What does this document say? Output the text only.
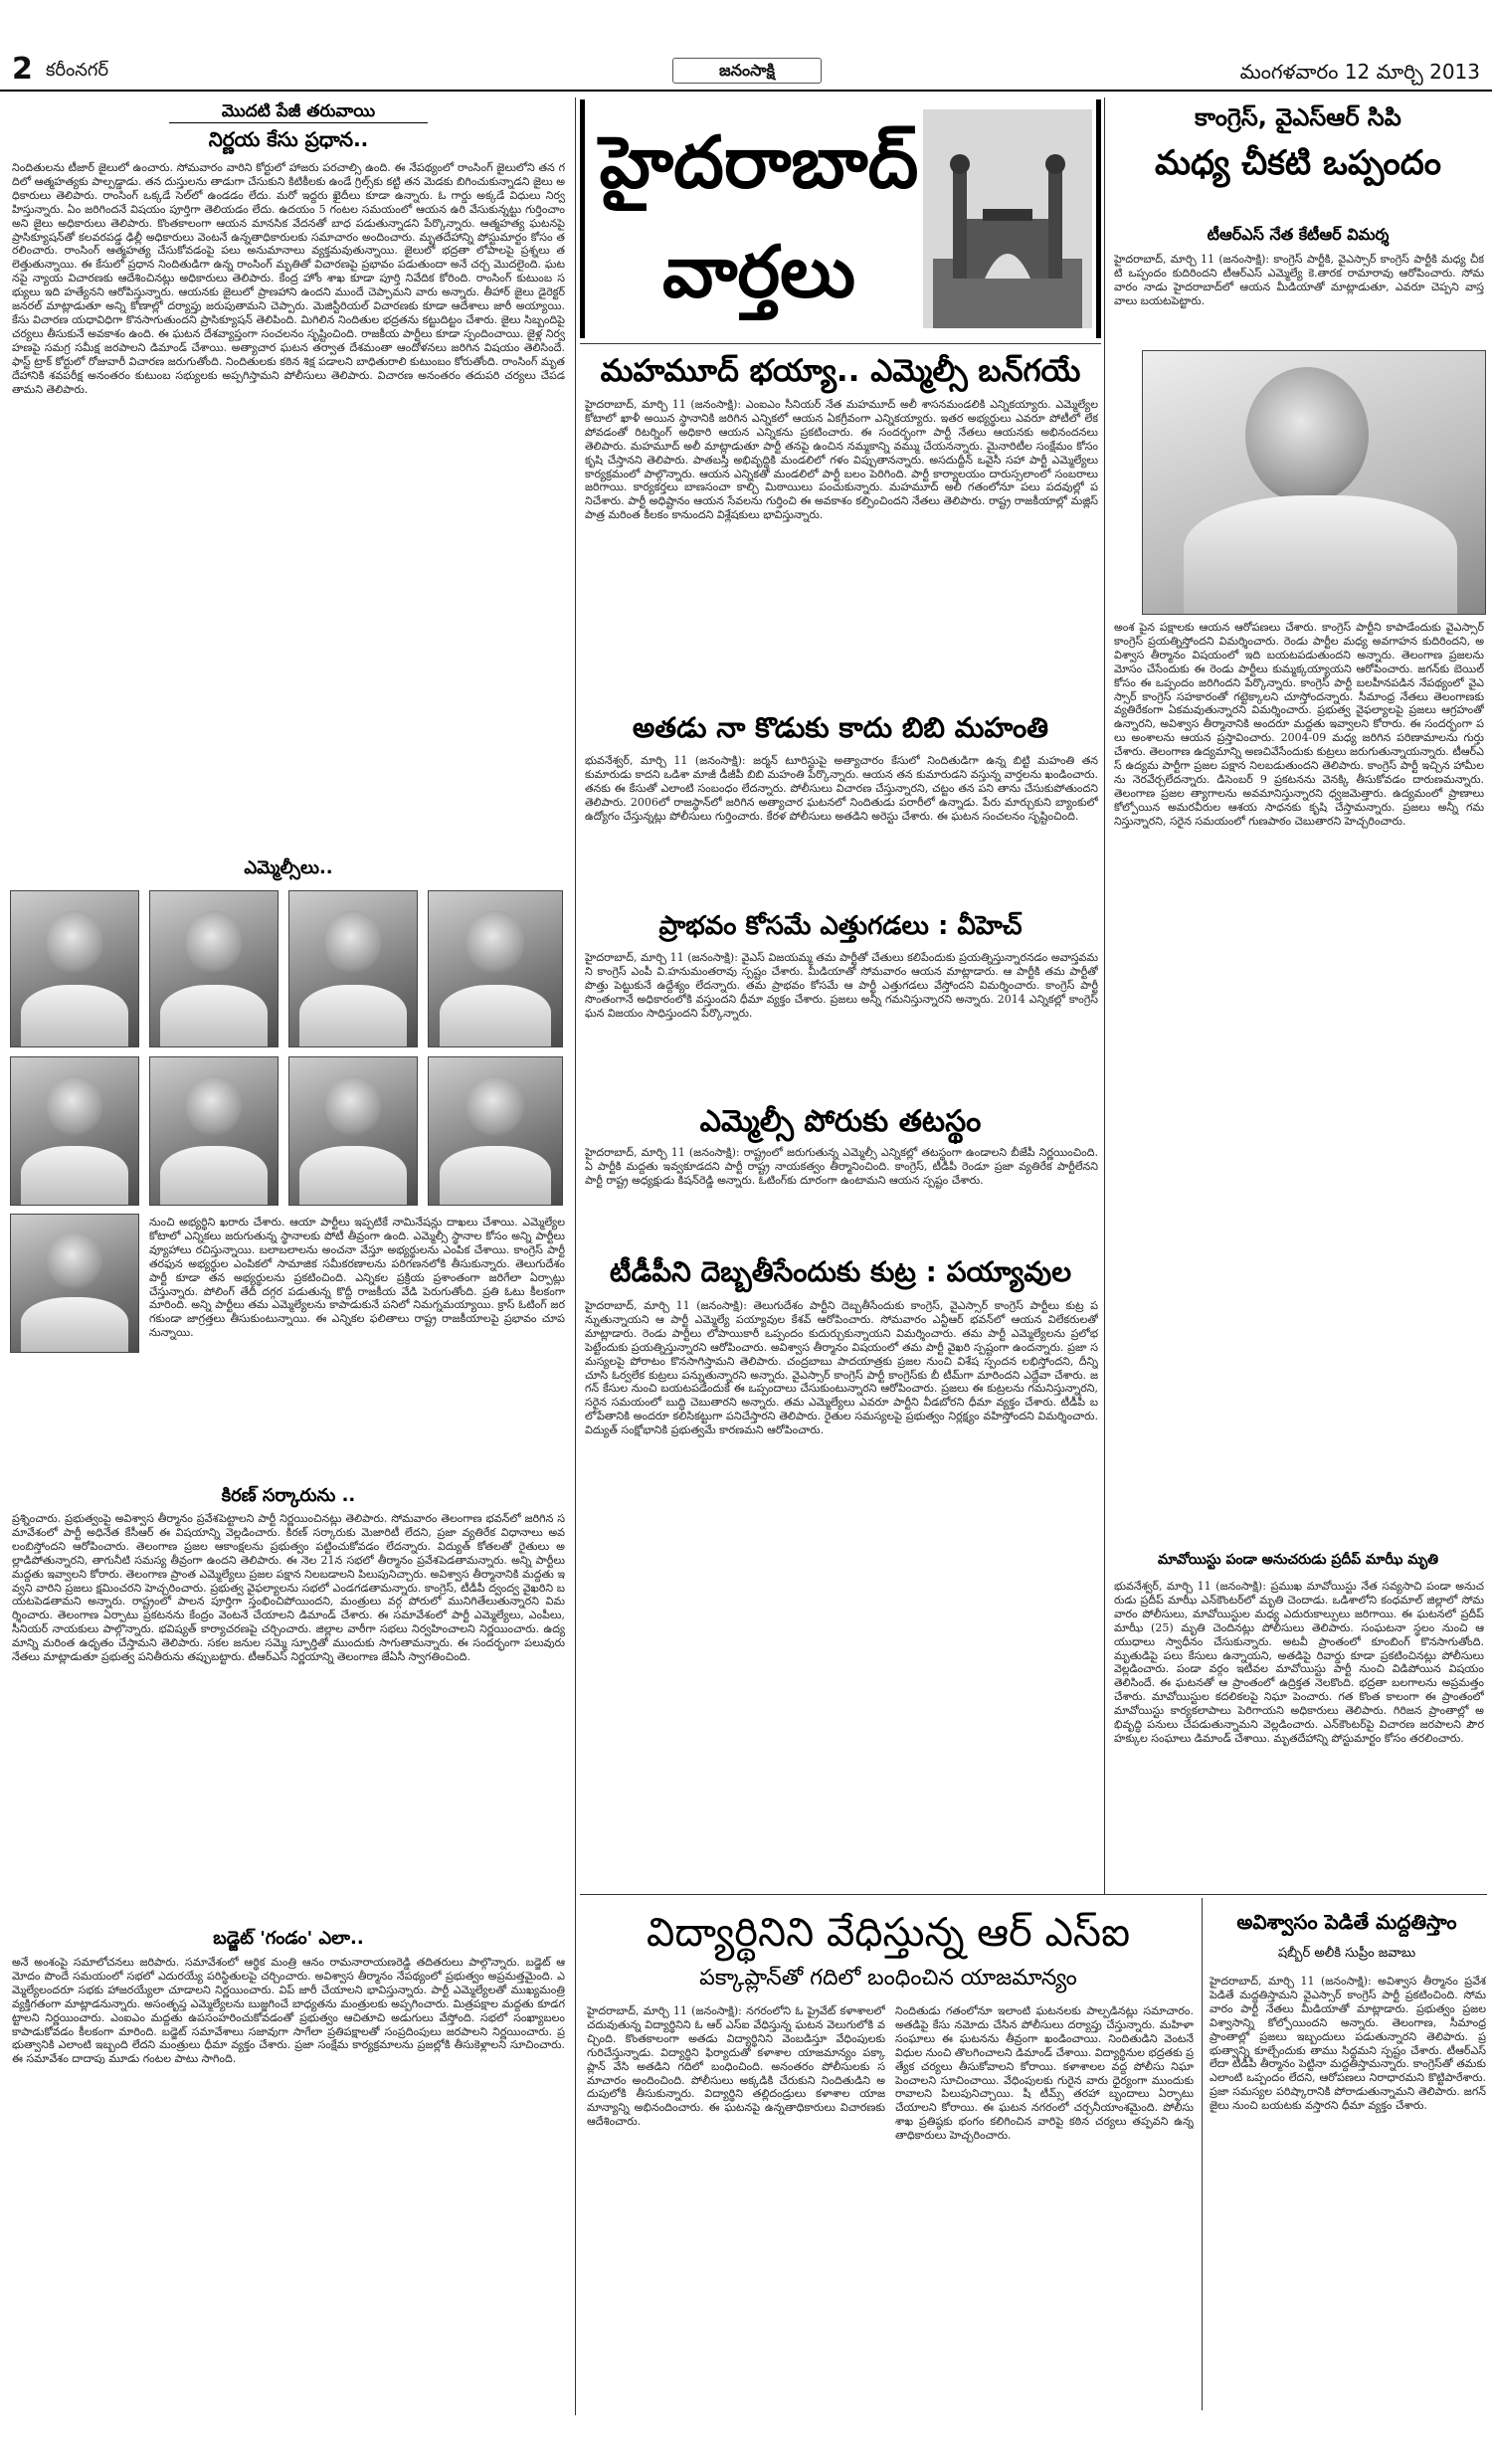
2 కరీంనగర్	జనంసాక్షి	మంగళవారం 12 మార్చి 2013
మొదటి పేజీ తరువాయి
నిర్ణయ కేసు ప్రధాన..
నిందితులను టీజార్ జైలులో ఉంచారు. సోమవారం వారిని కోర్టులో హాజరు పరచాల్సి ఉంది. ఈ నేపథ్యంలో రాంసింగ్ జైలులోని తన గదిలో ఆత్మహత్యకు పాల్పడ్డాడు. తన దుస్తులను తాడుగా చేసుకుని కిటికీలకు ఉండే గ్రిల్స్‌కు కట్టి తన మెడకు బిగించుకున్నాడని జైలు అధికారులు తెలిపారు. రాంసింగ్ ఒక్కడే సెల్‌లో ఉండడం లేదు. మరో ఇద్దరు ఖైదీలు కూడా ఉన్నారు. ఓ గార్డు అక్కడే విధులు నిర్వహిస్తున్నారు. ఏం జరిగిందనే విషయం పూర్తిగా తెలియడం లేదు. ఉదయం 5 గంటల సమయంలో ఆయన ఉరి వేసుకున్నట్టు గుర్తించాం అని జైలు అధికారులు తెలిపారు. కొంతకాలంగా ఆయన మానసిక వేదనతో బాధ పడుతున్నాడని పేర్కొన్నారు. ఆత్మహత్య ఘటనపై ప్రాసిక్యూషన్‌తో కలవరపడ్డ ఢిల్లీ అధికారులు వెంటనే ఉన్నతాధికారులకు సమాచారం అందించారు. మృతదేహాన్ని పోస్టుమార్టం కోసం తరలించారు. రాంసింగ్ ఆత్మహత్య చేసుకోవడంపై పలు అనుమానాలు వ్యక్తమవుతున్నాయి. జైలులో భద్రతా లోపాలపై ప్రశ్నలు తలెత్తుతున్నాయి. ఈ కేసులో ప్రధాన నిందితుడిగా ఉన్న రాంసింగ్ మృతితో విచారణపై ప్రభావం పడుతుందా అనే చర్చ మొదలైంది. ఘటనపై న్యాయ విచారణకు ఆదేశించినట్లు అధికారులు తెలిపారు. కేంద్ర హోం శాఖ కూడా పూర్తి నివేదిక కోరింది. రాంసింగ్ కుటుంబ సభ్యులు ఇది హత్యేనని ఆరోపిస్తున్నారు. ఆయనకు జైలులో ప్రాణహాని ఉందని ముందే చెప్పామని వారు అన్నారు. తీహార్ జైలు డైరెక్టర్ జనరల్ మాట్లాడుతూ అన్ని కోణాల్లో దర్యాప్తు జరుపుతామని చెప్పారు. మెజిస్టీరియల్ విచారణకు కూడా ఆదేశాలు జారీ అయ్యాయి. కేసు విచారణ యధావిధిగా కొనసాగుతుందని ప్రాసిక్యూషన్ తెలిపింది. మిగిలిన నిందితుల భద్రతను కట్టుదిట్టం చేశారు. జైలు సిబ్బందిపై చర్యలు తీసుకునే అవకాశం ఉంది. ఈ ఘటన దేశవ్యాప్తంగా సంచలనం సృష్టించింది. రాజకీయ పార్టీలు కూడా స్పందించాయి. జైళ్ల నిర్వహణపై సమగ్ర సమీక్ష జరపాలని డిమాండ్ చేశాయి. అత్యాచార ఘటన తర్వాత దేశమంతా ఆందోళనలు జరిగిన విషయం తెలిసిందే. ఫాస్ట్ ట్రాక్ కోర్టులో రోజువారీ విచారణ జరుగుతోంది. నిందితులకు కఠిన శిక్ష పడాలని బాధితురాలి కుటుంబం కోరుతోంది. రాంసింగ్ మృతదేహానికి శవపరీక్ష అనంతరం కుటుంబ సభ్యులకు అప్పగిస్తామని పోలీసులు తెలిపారు. విచారణ అనంతరం తదుపరి చర్యలు చేపడతామని తెలిపారు.
ఎమ్మెల్సీలు..
నుంచి అభ్యర్థిని ఖరారు చేశారు. ఆయా పార్టీలు ఇప్పటికే నామినేషన్లు దాఖలు చేశాయి. ఎమ్మెల్యేల కోటాలో ఎన్నికలు జరుగుతున్న స్థానాలకు పోటీ తీవ్రంగా ఉంది. ఎమ్మెల్సీ స్థానాల కోసం అన్ని పార్టీలు వ్యూహాలు రచిస్తున్నాయి. బలాబలాలను అంచనా వేస్తూ అభ్యర్థులను ఎంపిక చేశాయి. కాంగ్రెస్ పార్టీ తరఫున అభ్యర్థుల ఎంపికలో సామాజిక సమీకరణాలను పరిగణనలోకి తీసుకున్నారు. తెలుగుదేశం పార్టీ కూడా తన అభ్యర్థులను ప్రకటించింది. ఎన్నికల ప్రక్రియ ప్రశాంతంగా జరిగేలా ఏర్పాట్లు చేస్తున్నారు. పోలింగ్ తేదీ దగ్గర పడుతున్న కొద్దీ రాజకీయ వేడి పెరుగుతోంది. ప్రతి ఓటు కీలకంగా మారింది. అన్ని పార్టీలు తమ ఎమ్మెల్యేలను కాపాడుకునే పనిలో నిమగ్నమయ్యాయి. క్రాస్ ఓటింగ్ జరగకుండా జాగ్రత్తలు తీసుకుంటున్నాయి. ఈ ఎన్నికల ఫలితాలు రాష్ట్ర రాజకీయాలపై ప్రభావం చూపనున్నాయి.
కిరణ్ సర్కారును ..
ప్రశ్నించారు. ప్రభుత్వంపై అవిశ్వాస తీర్మానం ప్రవేశపెట్టాలని పార్టీ నిర్ణయించినట్లు తెలిపారు. సోమవారం తెలంగాణ భవన్‌లో జరిగిన సమావేశంలో పార్టీ అధినేత కేసీఆర్ ఈ విషయాన్ని వెల్లడించారు. కిరణ్ సర్కారుకు మెజారిటీ లేదని, ప్రజా వ్యతిరేక విధానాలు అవలంబిస్తోందని ఆరోపించారు. తెలంగాణ ప్రజల ఆకాంక్షలను ప్రభుత్వం పట్టించుకోవడం లేదన్నారు. విద్యుత్ కోతలతో రైతులు అల్లాడిపోతున్నారని, తాగునీటి సమస్య తీవ్రంగా ఉందని తెలిపారు. ఈ నెల 21న సభలో తీర్మానం ప్రవేశపెడతామన్నారు. అన్ని పార్టీలు మద్దతు ఇవ్వాలని కోరారు. తెలంగాణ ప్రాంత ఎమ్మెల్యేలు ప్రజల పక్షాన నిలబడాలని పిలుపునిచ్చారు. అవిశ్వాస తీర్మానానికి మద్దతు ఇవ్వని వారిని ప్రజలు క్షమించరని హెచ్చరించారు. ప్రభుత్వ వైఫల్యాలను సభలో ఎండగడతామన్నారు. కాంగ్రెస్, టీడీపీ ద్వంద్వ వైఖరిని బయటపెడతామని అన్నారు. రాష్ట్రంలో పాలన పూర్తిగా స్తంభించిపోయిందని, మంత్రులు వర్గ పోరులో మునిగితేలుతున్నారని విమర్శించారు. తెలంగాణ ఏర్పాటు ప్రకటనను కేంద్రం వెంటనే చేయాలని డిమాండ్ చేశారు. ఈ సమావేశంలో పార్టీ ఎమ్మెల్యేలు, ఎంపీలు, సీనియర్ నాయకులు పాల్గొన్నారు. భవిష్యత్ కార్యాచరణపై చర్చించారు. జిల్లాల వారీగా సభలు నిర్వహించాలని నిర్ణయించారు. ఉద్యమాన్ని మరింత ఉధృతం చేస్తామని తెలిపారు. సకల జనుల సమ్మె స్ఫూర్తితో ముందుకు సాగుతామన్నారు. ఈ సందర్భంగా పలువురు నేతలు మాట్లాడుతూ ప్రభుత్వ పనితీరును తప్పుబట్టారు. టీఆర్ఎస్ నిర్ణయాన్ని తెలంగాణ జేఏసీ స్వాగతించింది.
బడ్జెట్ 'గండం' ఎలా..
అనే అంశంపై సమాలోచనలు జరిపారు. సమావేశంలో ఆర్థిక మంత్రి ఆనం రామనారాయణరెడ్డి తదితరులు పాల్గొన్నారు. బడ్జెట్ ఆమోదం పొందే సమయంలో సభలో ఎదురయ్యే పరిస్థితులపై చర్చించారు. అవిశ్వాస తీర్మానం నేపథ్యంలో ప్రభుత్వం అప్రమత్తమైంది. ఎమ్మెల్యేలందరూ సభకు హాజరయ్యేలా చూడాలని నిర్ణయించారు. విప్ జారీ చేయాలని భావిస్తున్నారు. పార్టీ ఎమ్మెల్యేలతో ముఖ్యమంత్రి వ్యక్తిగతంగా మాట్లాడనున్నారు. అసంతృప్త ఎమ్మెల్యేలను బుజ్జగించే బాధ్యతను మంత్రులకు అప్పగించారు. మిత్రపక్షాల మద్దతు కూడగట్టాలని నిర్ణయించారు. ఎంఐఎం మద్దతు ఉపసంహరించుకోవడంతో ప్రభుత్వం ఆచితూచి అడుగులు వేస్తోంది. సభలో సంఖ్యాబలం కాపాడుకోవడం కీలకంగా మారింది. బడ్జెట్ సమావేశాలు సజావుగా సాగేలా ప్రతిపక్షాలతో సంప్రదింపులు జరపాలని నిర్ణయించారు. ప్రభుత్వానికి ఎలాంటి ఇబ్బంది లేదని మంత్రులు ధీమా వ్యక్తం చేశారు. ప్రజా సంక్షేమ కార్యక్రమాలను ప్రజల్లోకి తీసుకెళ్లాలని సూచించారు. ఈ సమావేశం దాదాపు మూడు గంటల పాటు సాగింది.
హైదరాబాద్
వార్తలు
మహమూద్ భయ్యా.. ఎమ్మెల్సీ బన్‌గయే
హైదరాబాద్, మార్చి 11 (జనంసాక్షి): ఎంఐఎం సీనియర్ నేత మహమూద్ అలీ శాసనమండలికి ఎన్నికయ్యారు. ఎమ్మెల్యేల కోటాలో ఖాళీ అయిన స్థానానికి జరిగిన ఎన్నికలో ఆయన ఏకగ్రీవంగా ఎన్నికయ్యారు. ఇతర అభ్యర్థులు ఎవరూ పోటీలో లేకపోవడంతో రిటర్నింగ్ అధికారి ఆయన ఎన్నికను ప్రకటించారు. ఈ సందర్భంగా పార్టీ నేతలు ఆయనకు అభినందనలు తెలిపారు. మహమూద్ అలీ మాట్లాడుతూ పార్టీ తనపై ఉంచిన నమ్మకాన్ని వమ్ము చేయనన్నారు. మైనారిటీల సంక్షేమం కోసం కృషి చేస్తానని తెలిపారు. పాతబస్తీ అభివృద్ధికి మండలిలో గళం విప్పుతానన్నారు. అసదుద్దీన్ ఒవైసీ సహా పార్టీ ఎమ్మెల్యేలు కార్యక్రమంలో పాల్గొన్నారు. ఆయన ఎన్నికతో మండలిలో పార్టీ బలం పెరిగింది. పార్టీ కార్యాలయం దారుస్సలాంలో సంబరాలు జరిగాయి. కార్యకర్తలు బాణసంచా కాల్చి మిఠాయిలు పంచుకున్నారు. మహమూద్ అలీ గతంలోనూ పలు పదవుల్లో పనిచేశారు. పార్టీ అధిష్టానం ఆయన సేవలను గుర్తించి ఈ అవకాశం కల్పించిందని నేతలు తెలిపారు. రాష్ట్ర రాజకీయాల్లో మజ్లిస్ పాత్ర మరింత కీలకం కానుందని విశ్లేషకులు భావిస్తున్నారు.
అతడు నా కొడుకు కాదు బిబి మహంతి
భువనేశ్వర్, మార్చి 11 (జనంసాక్షి): జర్మన్ టూరిస్టుపై అత్యాచారం కేసులో నిందితుడిగా ఉన్న బిట్టి మహంతి తన కుమారుడు కాదని ఒడిశా మాజీ డీజీపీ బిబి మహంతి పేర్కొన్నారు. ఆయన తన కుమారుడని వస్తున్న వార్తలను ఖండించారు. తనకు ఈ కేసుతో ఎలాంటి సంబంధం లేదన్నారు. పోలీసులు విచారణ చేస్తున్నారని, చట్టం తన పని తాను చేసుకుపోతుందని తెలిపారు. 2006లో రాజస్థాన్‌లో జరిగిన అత్యాచార ఘటనలో నిందితుడు పరారీలో ఉన్నాడు. పేరు మార్చుకుని బ్యాంకులో ఉద్యోగం చేస్తున్నట్లు పోలీసులు గుర్తించారు. కేరళ పోలీసులు అతడిని అరెస్టు చేశారు. ఈ ఘటన సంచలనం సృష్టించింది.
ప్రాభవం కోసమే ఎత్తుగడలు : వీహెచ్
హైదరాబాద్, మార్చి 11 (జనంసాక్షి): వైఎస్ విజయమ్మ తమ పార్టీతో చేతులు కలిపేందుకు ప్రయత్నిస్తున్నారనడం అవాస్తవమని కాంగ్రెస్ ఎంపీ వి.హనుమంతరావు స్పష్టం చేశారు. మీడియాతో సోమవారం ఆయన మాట్లాడారు. ఆ పార్టీకి తమ పార్టీతో పొత్తు పెట్టుకునే ఉద్దేశ్యం లేదన్నారు. తమ ప్రాభవం కోసమే ఆ పార్టీ ఎత్తుగడలు వేస్తోందని విమర్శించారు. కాంగ్రెస్ పార్టీ సొంతంగానే అధికారంలోకి వస్తుందని ధీమా వ్యక్తం చేశారు. ప్రజలు అన్నీ గమనిస్తున్నారని అన్నారు. 2014 ఎన్నికల్లో కాంగ్రెస్ ఘన విజయం సాధిస్తుందని పేర్కొన్నారు.
ఎమ్మెల్సీ పోరుకు తటస్థం
హైదరాబాద్, మార్చి 11 (జనంసాక్షి): రాష్ట్రంలో జరుగుతున్న ఎమ్మెల్సీ ఎన్నికల్లో తటస్థంగా ఉండాలని బీజేపీ నిర్ణయించింది. ఏ పార్టీకి మద్దతు ఇవ్వకూడదని పార్టీ రాష్ట్ర నాయకత్వం తీర్మానించింది. కాంగ్రెస్, టీడీపీ రెండూ ప్రజా వ్యతిరేక పార్టీలేనని పార్టీ రాష్ట్ర అధ్యక్షుడు కిషన్‌రెడ్డి అన్నారు. ఓటింగ్‌కు దూరంగా ఉంటామని ఆయన స్పష్టం చేశారు.
టీడీపీని దెబ్బతీసేందుకు కుట్ర : పయ్యావుల
హైదరాబాద్, మార్చి 11 (జనంసాక్షి): తెలుగుదేశం పార్టీని దెబ్బతీసేందుకు కాంగ్రెస్, వైఎస్సార్ కాంగ్రెస్ పార్టీలు కుట్ర పన్నుతున్నాయని ఆ పార్టీ ఎమ్మెల్యే పయ్యావుల కేశవ్ ఆరోపించారు. సోమవారం ఎన్టీఆర్ భవన్‌లో ఆయన విలేకరులతో మాట్లాడారు. రెండు పార్టీలు లోపాయికారీ ఒప్పందం కుదుర్చుకున్నాయని విమర్శించారు. తమ పార్టీ ఎమ్మెల్యేలను ప్రలోభపెట్టేందుకు ప్రయత్నిస్తున్నారని ఆరోపించారు. అవిశ్వాస తీర్మానం విషయంలో తమ పార్టీ వైఖరి స్పష్టంగా ఉందన్నారు. ప్రజా సమస్యలపై పోరాటం కొనసాగిస్తామని తెలిపారు. చంద్రబాబు పాదయాత్రకు ప్రజల నుంచి విశేష స్పందన లభిస్తోందని, దీన్ని చూసి ఓర్వలేక కుట్రలు పన్నుతున్నారని అన్నారు. వైఎస్సార్ కాంగ్రెస్ పార్టీ కాంగ్రెస్‌కు బీ టీమ్‌గా మారిందని ఎద్దేవా చేశారు. జగన్ కేసుల నుంచి బయటపడేందుకే ఈ ఒప్పందాలు చేసుకుంటున్నారని ఆరోపించారు. ప్రజలు ఈ కుట్రలను గమనిస్తున్నారని, సరైన సమయంలో బుద్ధి చెబుతారని అన్నారు. తమ ఎమ్మెల్యేలు ఎవరూ పార్టీని వీడబోరని ధీమా వ్యక్తం చేశారు. టీడీపీ బలోపేతానికి అందరూ కలిసికట్టుగా పనిచేస్తారని తెలిపారు. రైతుల సమస్యలపై ప్రభుత్వం నిర్లక్ష్యం వహిస్తోందని విమర్శించారు. విద్యుత్ సంక్షోభానికి ప్రభుత్వమే కారణమని ఆరోపించారు.
కాంగ్రెస్, వైఎస్ఆర్ సిపి
మధ్య చీకటి ఒప్పందం
టీఆర్ఎస్ నేత కేటీఆర్ విమర్శ
హైదరాబాద్, మార్చి 11 (జనంసాక్షి): కాంగ్రెస్ పార్టీకి, వైఎస్సార్ కాంగ్రెస్ పార్టీకి మధ్య చీకటి ఒప్పందం కుదిరిందని టీఆర్ఎస్ ఎమ్మెల్యే కె.తారక రామారావు ఆరోపించారు. సోమవారం నాడు హైదరాబాద్‌లో ఆయన మీడియాతో మాట్లాడుతూ, ఎవరూ చెప్పని వాస్తవాలు బయటపెట్టారు.
అంశ పైన పక్షాలకు ఆయన ఆరోపణలు చేశారు. కాంగ్రెస్ పార్టీని కాపాడేందుకు వైఎస్సార్ కాంగ్రెస్ ప్రయత్నిస్తోందని విమర్శించారు. రెండు పార్టీల మధ్య అవగాహన కుదిరిందని, అవిశ్వాస తీర్మానం విషయంలో ఇది బయటపడుతుందని అన్నారు. తెలంగాణ ప్రజలను మోసం చేసేందుకు ఈ రెండు పార్టీలు కుమ్మక్కయ్యాయని ఆరోపించారు. జగన్‌కు బెయిల్ కోసం ఈ ఒప్పందం జరిగిందని పేర్కొన్నారు. కాంగ్రెస్ పార్టీ బలహీనపడిన నేపథ్యంలో వైఎస్సార్ కాంగ్రెస్ సహకారంతో గట్టెక్కాలని చూస్తోందన్నారు. సీమాంధ్ర నేతలు తెలంగాణకు వ్యతిరేకంగా ఏకమవుతున్నారని విమర్శించారు. ప్రభుత్వ వైఫల్యాలపై ప్రజలు ఆగ్రహంతో ఉన్నారని, అవిశ్వాస తీర్మానానికి అందరూ మద్దతు ఇవ్వాలని కోరారు. ఈ సందర్భంగా పలు అంశాలను ఆయన ప్రస్తావించారు. 2004-09 మధ్య జరిగిన పరిణామాలను గుర్తు చేశారు. తెలంగాణ ఉద్యమాన్ని అణచివేసేందుకు కుట్రలు జరుగుతున్నాయన్నారు. టీఆర్ఎస్ ఉద్యమ పార్టీగా ప్రజల పక్షాన నిలబడుతుందని తెలిపారు. కాంగ్రెస్ పార్టీ ఇచ్చిన హామీలను నెరవేర్చలేదన్నారు. డిసెంబర్ 9 ప్రకటనను వెనక్కి తీసుకోవడం దారుణమన్నారు. తెలంగాణ ప్రజల త్యాగాలను అవమానిస్తున్నారని ధ్వజమెత్తారు. ఉద్యమంలో ప్రాణాలు కోల్పోయిన అమరవీరుల ఆశయ సాధనకు కృషి చేస్తామన్నారు. ప్రజలు అన్నీ గమనిస్తున్నారని, సరైన సమయంలో గుణపాఠం చెబుతారని హెచ్చరించారు.
మావోయిస్టు పండా అనుచరుడు ప్రదీప్ మాఝీ మృతి
భువనేశ్వర్, మార్చి 11 (జనంసాక్షి): ప్రముఖ మావోయిస్టు నేత సవ్యసాచి పండా అనుచరుడు ప్రదీప్ మాఝీ ఎన్‌కౌంటర్‌లో మృతి చెందాడు. ఒడిశాలోని కంధమాల్ జిల్లాలో సోమవారం పోలీసులు, మావోయిస్టుల మధ్య ఎదురుకాల్పులు జరిగాయి. ఈ ఘటనలో ప్రదీప్ మాఝీ (25) మృతి చెందినట్లు పోలీసులు తెలిపారు. సంఘటనా స్థలం నుంచి ఆయుధాలు స్వాధీనం చేసుకున్నారు. అటవీ ప్రాంతంలో కూంబింగ్ కొనసాగుతోంది. మృతుడిపై పలు కేసులు ఉన్నాయని, అతడిపై రివార్డు కూడా ప్రకటించినట్లు పోలీసులు వెల్లడించారు. పండా వర్గం ఇటీవల మావోయిస్టు పార్టీ నుంచి విడిపోయిన విషయం తెలిసిందే. ఈ ఘటనతో ఆ ప్రాంతంలో ఉద్రిక్తత నెలకొంది. భద్రతా బలగాలను అప్రమత్తం చేశారు. మావోయిస్టుల కదలికలపై నిఘా పెంచారు. గత కొంత కాలంగా ఈ ప్రాంతంలో మావోయిస్టు కార్యకలాపాలు పెరిగాయని అధికారులు తెలిపారు. గిరిజన ప్రాంతాల్లో అభివృద్ధి పనులు చేపడుతున్నామని వెల్లడించారు. ఎన్‌కౌంటర్‌పై విచారణ జరపాలని పౌర హక్కుల సంఘాలు డిమాండ్ చేశాయి. మృతదేహాన్ని పోస్టుమార్టం కోసం తరలించారు.
విద్యార్థినిని వేధిస్తున్న ఆర్ ఎస్ఐ
పక్కాప్లాన్‌తో గదిలో బంధించిన యాజమాన్యం
హైదరాబాద్, మార్చి 11 (జనంసాక్షి): నగరంలోని ఓ ప్రైవేట్ కళాశాలలో చదువుతున్న విద్యార్థినిని ఓ ఆర్ ఎస్ఐ వేధిస్తున్న ఘటన వెలుగులోకి వచ్చింది. కొంతకాలంగా అతడు విద్యార్థినిని వెంబడిస్తూ వేధింపులకు గురిచేస్తున్నాడు. విద్యార్థిని ఫిర్యాదుతో కళాశాల యాజమాన్యం పక్కా ప్లాన్ వేసి అతడిని గదిలో బంధించింది. అనంతరం పోలీసులకు సమాచారం అందించింది. పోలీసులు అక్కడికి చేరుకుని నిందితుడిని అదుపులోకి తీసుకున్నారు. విద్యార్థిని తల్లిదండ్రులు కళాశాల యాజమాన్యాన్ని అభినందించారు. ఈ ఘటనపై ఉన్నతాధికారులు విచారణకు ఆదేశించారు.
నిందితుడు గతంలోనూ ఇలాంటి ఘటనలకు పాల్పడినట్లు సమాచారం. అతడిపై కేసు నమోదు చేసిన పోలీసులు దర్యాప్తు చేస్తున్నారు. మహిళా సంఘాలు ఈ ఘటనను తీవ్రంగా ఖండించాయి. నిందితుడిని వెంటనే విధుల నుంచి తొలగించాలని డిమాండ్ చేశాయి. విద్యార్థినుల భద్రతకు ప్రత్యేక చర్యలు తీసుకోవాలని కోరాయి. కళాశాలల వద్ద పోలీసు నిఘా పెంచాలని సూచించాయి. వేధింపులకు గురైన వారు ధైర్యంగా ముందుకు రావాలని పిలుపునిచ్చాయి. షీ టీమ్స్ తరహా బృందాలు ఏర్పాటు చేయాలని కోరాయి. ఈ ఘటన నగరంలో చర్చనీయాంశమైంది. పోలీసు శాఖ ప్రతిష్ఠకు భంగం కలిగించిన వారిపై కఠిన చర్యలు తప్పవని ఉన్నతాధికారులు హెచ్చరించారు.
అవిశ్వాసం పెడితే మద్దతిస్తాం
షబ్బీర్ అలీకి సుప్రీం జవాబు
హైదరాబాద్, మార్చి 11 (జనంసాక్షి): అవిశ్వాస తీర్మానం ప్రవేశపెడితే మద్దతిస్తామని వైఎస్సార్ కాంగ్రెస్ పార్టీ ప్రకటించింది. సోమవారం పార్టీ నేతలు మీడియాతో మాట్లాడారు. ప్రభుత్వం ప్రజల విశ్వాసాన్ని కోల్పోయిందని అన్నారు. తెలంగాణ, సీమాంధ్ర ప్రాంతాల్లో ప్రజలు ఇబ్బందులు పడుతున్నారని తెలిపారు. ప్రభుత్వాన్ని కూల్చేందుకు తాము సిద్ధమని స్పష్టం చేశారు. టీఆర్ఎస్ లేదా టీడీపీ తీర్మానం పెట్టినా మద్దతిస్తామన్నారు. కాంగ్రెస్‌తో తమకు ఎలాంటి ఒప్పందం లేదని, ఆరోపణలు నిరాధారమని కొట్టిపారేశారు. ప్రజా సమస్యల పరిష్కారానికి పోరాడుతున్నామని తెలిపారు. జగన్ జైలు నుంచి బయటకు వస్తారని ధీమా వ్యక్తం చేశారు.
